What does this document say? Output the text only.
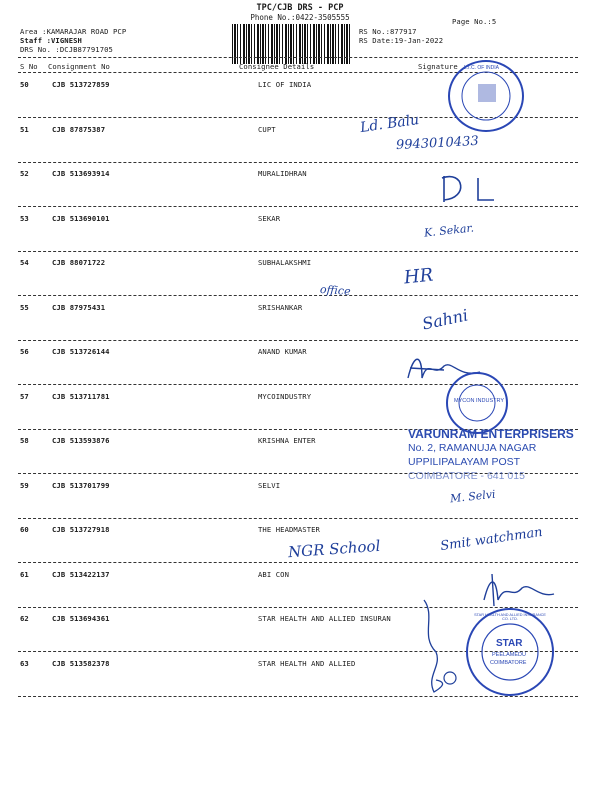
TPC/CJB DRS - PCP
Phone No.:0422-3505555
Area :KAMARAJAR ROAD PCP
Staff :VIGNESH
DRS No. :DCJB87791705
RS No.:877917
RS Date:19-Jan-2022
Page No.:5
S No Consignment No	Consignee Details	Signature
50	CJB 513727859	LIC OF INDIA
51	CJB 87875387	CUPT
52	CJB 513693914	MURALIDHRAN
53	CJB 513690101	SEKAR
54	CJB 88071722	SUBHALAKSHMI
55	CJB 87975431	SRISHANKAR
56	CJB 513726144	ANAND KUMAR
57	CJB 513711781	MYCOINDUSTRY
58	CJB 513593876	KRISHNA ENTER
59	CJB 513701799	SELVI
60	CJB 513727918	THE HEADMASTER
61	CJB 513422137	ABI CON
62	CJB 513694361	STAR HEALTH AND ALLIED INSURAN
63	CJB 513582378	STAR HEALTH AND ALLIED
L.I.C. OF INDIA
Ld. Balu
9943010433
K. Sekar.
office
HR
Sahni
MYCON INDUSTRY
VARUNRAM ENTERPRISERS
No. 2, RAMANUJA NAGAR
UPPILIPALAYAM POST
COIMBATORE - 641 015
M. Selvi
Smit watchman
NGR School
STAR
PEELAMEDU
COIMBATORE
STAR HEALTH AND ALLIED INSURANCE CO. LTD.
